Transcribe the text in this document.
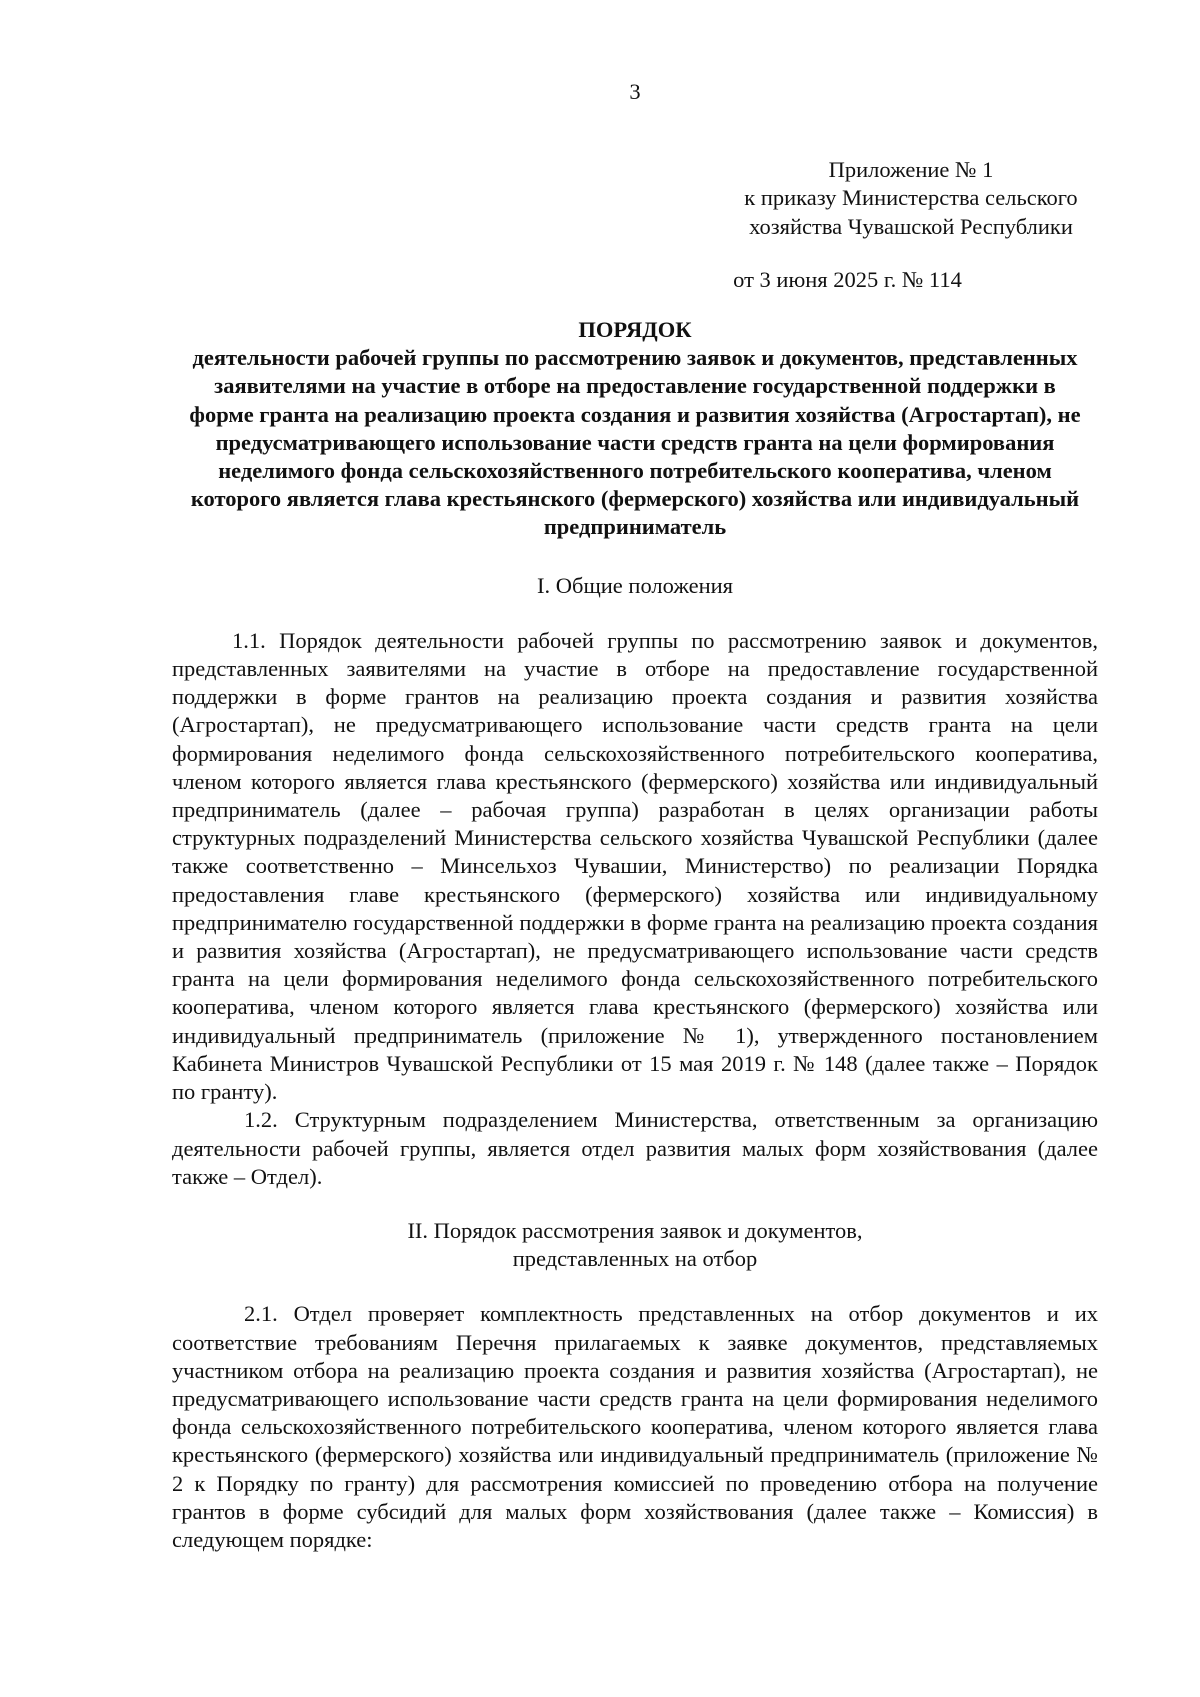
3

Приложение № 1

к приказу Министерства сельского

хозяйства Чувашской Республики

от 3 июня 2025 г. № 114

ПОРЯДОК

деятельности рабочей группы по рассмотрению заявок и документов, представленных заявителями на участие в отборе на предоставление государственной поддержки в форме гранта на реализацию проекта создания и развития хозяйства (Агростартап), не предусматривающего использование части средств гранта на цели формирования неделимого фонда сельскохозяйственного потребительского кооператива, членом которого является глава крестьянского (фермерского) хозяйства или индивидуальный предприниматель

I. Общие положения

1.1. Порядок деятельности рабочей группы по рассмотрению заявок и документов, представленных заявителями на участие в отборе на предоставление государственной поддержки в форме грантов на реализацию проекта создания и развития хозяйства (Агростартап), не предусматривающего использование части средств гранта на цели формирования неделимого фонда сельскохозяйственного потребительского кооператива, членом которого является глава крестьянского (фермерского) хозяйства или индивидуальный предприниматель (далее – рабочая группа) разработан в целях организации работы структурных подразделений Министерства сельского хозяйства Чувашской Республики (далее также соответственно – Минсельхоз Чувашии, Министерство) по реализации Порядка предоставления главе крестьянского (фермерского) хозяйства или индивидуальному предпринимателю государственной поддержки в форме гранта на реализацию проекта создания и развития хозяйства (Агростартап), не предусматривающего использование части средств гранта на цели формирования неделимого фонда сельскохозяйственного потребительского кооператива, членом которого является глава крестьянского (фермерского) хозяйства или индивидуальный предприниматель (приложение № 1), утвержденного постановлением Кабинета Министров Чувашской Республики от 15 мая 2019 г. № 148 (далее также – Порядок по гранту).

1.2. Структурным подразделением Министерства, ответственным за организацию деятельности рабочей группы, является отдел развития малых форм хозяйствования (далее также – Отдел).

II. Порядок рассмотрения заявок и документов,
представленных на отбор

2.1. Отдел проверяет комплектность представленных на отбор документов и их соответствие требованиям Перечня прилагаемых к заявке документов, представляемых участником отбора на реализацию проекта создания и развития хозяйства (Агростартап), не предусматривающего использование части средств гранта на цели формирования неделимого фонда сельскохозяйственного потребительского кооператива, членом которого является глава крестьянского (фермерского) хозяйства или индивидуальный предприниматель (приложение № 2 к Порядку по гранту) для рассмотрения комиссией по проведению отбора на получение грантов в форме субсидий для малых форм хозяйствования (далее также – Комиссия) в следующем порядке:
